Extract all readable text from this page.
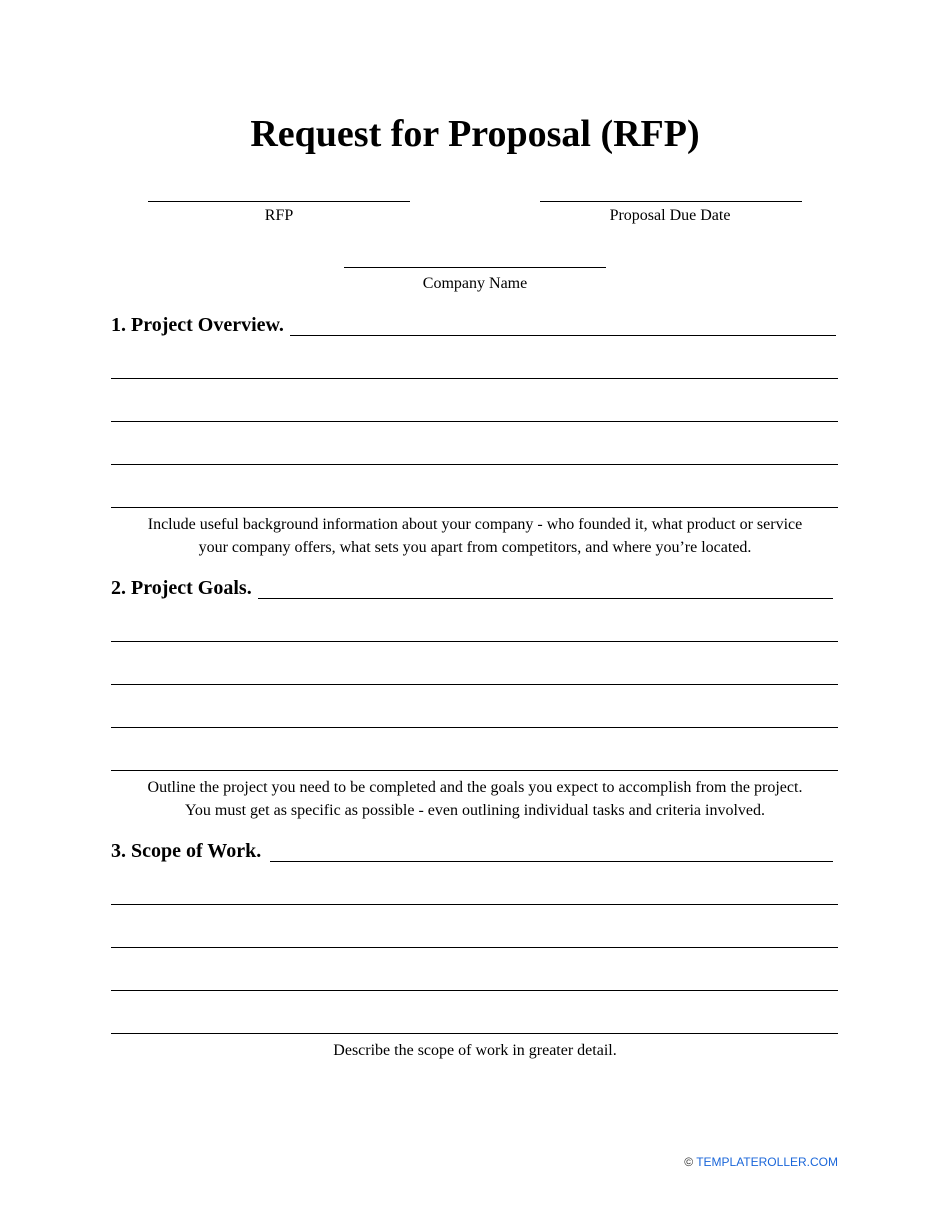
Request for Proposal (RFP)
RFP	Proposal Due Date
Company Name
1. Project Overview.
Include useful background information about your company - who founded it, what product or service
your company offers, what sets you apart from competitors, and where you’re located.
2. Project Goals.
Outline the project you need to be completed and the goals you expect to accomplish from the project.
You must get as specific as possible - even outlining individual tasks and criteria involved.
3. Scope of Work.
Describe the scope of work in greater detail.
© TEMPLATEROLLER.COM
